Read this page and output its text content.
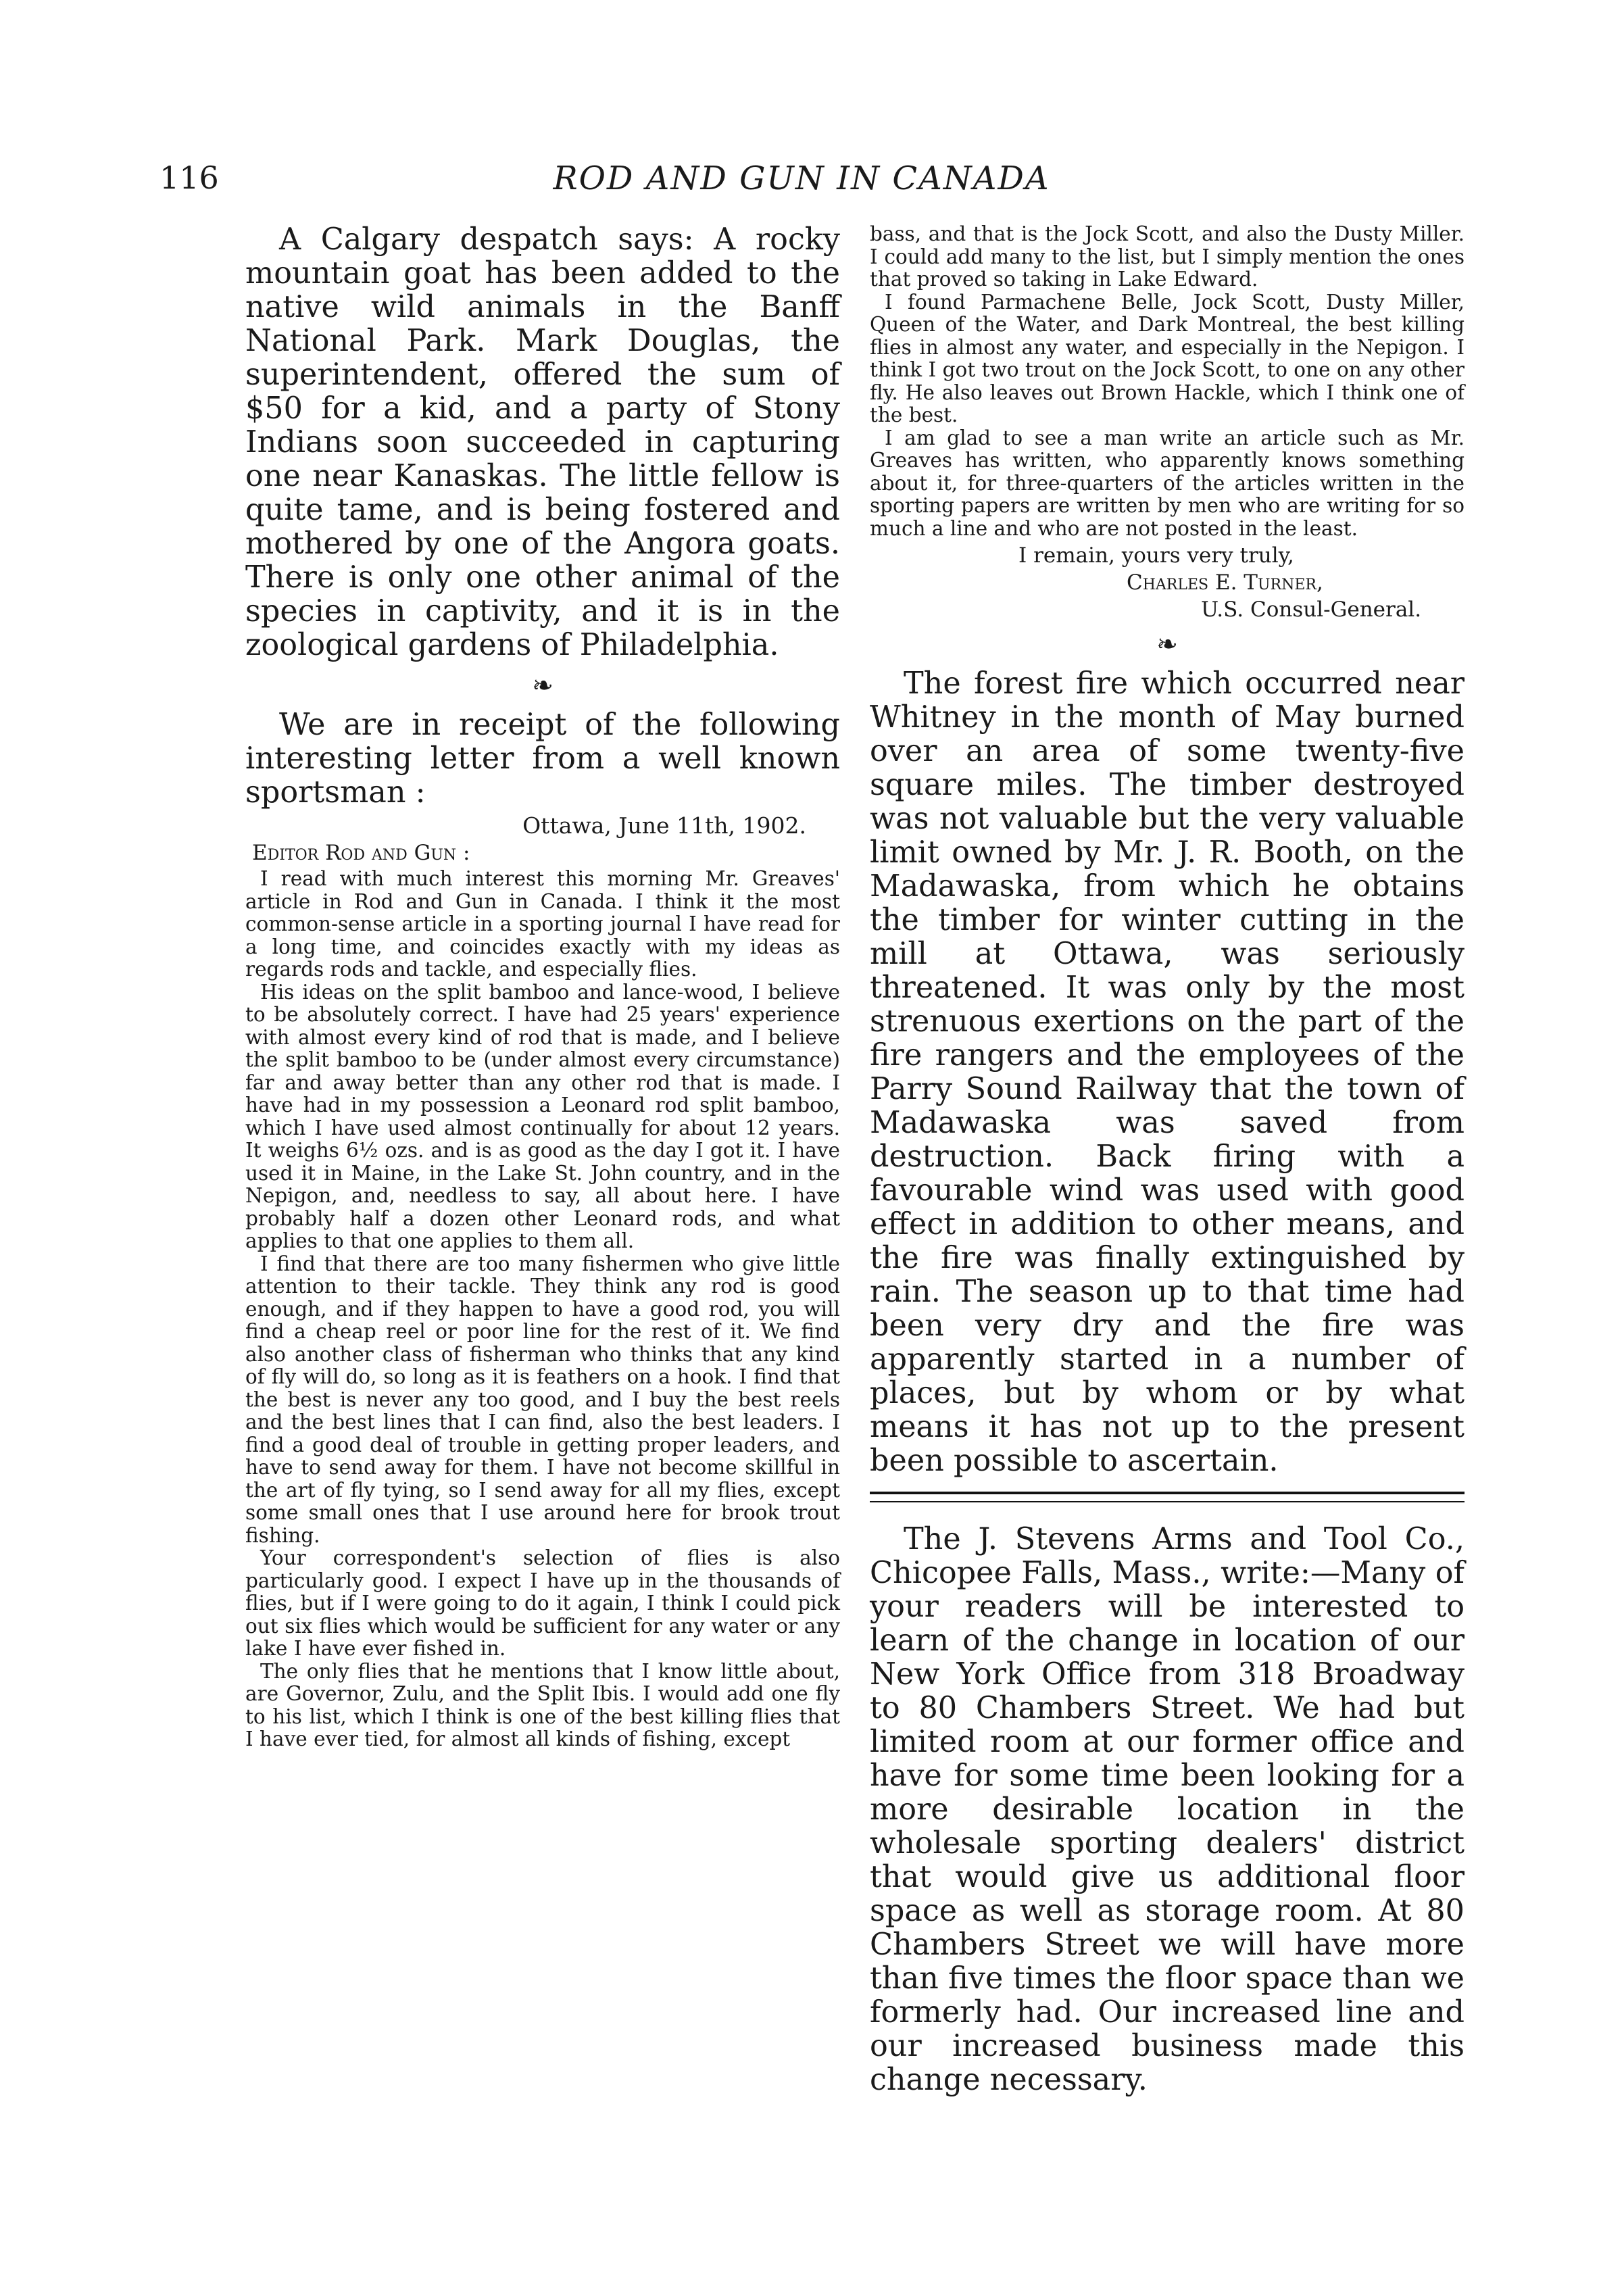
116	ROD AND GUN IN CANADA

A Calgary despatch says: A rocky mountain goat has been added to the native wild animals in the Banff National Park. Mark Douglas, the superintendent, offered the sum of $50 for a kid, and a party of Stony Indians soon succeeded in capturing one near Kanaskas. The little fellow is quite tame, and is being fostered and mothered by one of the Angora goats. There is only one other animal of the species in captivity, and it is in the zoological gardens of Philadelphia.

❧

We are in receipt of the following interesting letter from a well known sportsman :

Ottawa, June 11th, 1902.
Editor Rod and Gun :

I read with much interest this morning Mr. Greaves' article in Rod and Gun in Canada. I think it the most common-sense article in a sporting journal I have read for a long time, and coincides exactly with my ideas as regards rods and tackle, and especially flies.

His ideas on the split bamboo and lance-wood, I believe to be absolutely correct. I have had 25 years' experience with almost every kind of rod that is made, and I believe the split bamboo to be (under almost every circumstance) far and away better than any other rod that is made. I have had in my possession a Leonard rod split bamboo, which I have used almost continually for about 12 years. It weighs 6½ ozs. and is as good as the day I got it. I have used it in Maine, in the Lake St. John country, and in the Nepigon, and, needless to say, all about here. I have probably half a dozen other Leonard rods, and what applies to that one applies to them all.

I find that there are too many fishermen who give little attention to their tackle. They think any rod is good enough, and if they happen to have a good rod, you will find a cheap reel or poor line for the rest of it. We find also another class of fisherman who thinks that any kind of fly will do, so long as it is feathers on a hook. I find that the best is never any too good, and I buy the best reels and the best lines that I can find, also the best leaders. I find a good deal of trouble in getting proper leaders, and have to send away for them. I have not become skillful in the art of fly tying, so I send away for all my flies, except some small ones that I use around here for brook trout fishing.

Your correspondent's selection of flies is also particularly good. I expect I have up in the thousands of flies, but if I were going to do it again, I think I could pick out six flies which would be sufficient for any water or any lake I have ever fished in.

The only flies that he mentions that I know little about, are Governor, Zulu, and the Split Ibis. I would add one fly to his list, which I think is one of the best killing flies that I have ever tied, for almost all kinds of fishing, except

bass, and that is the Jock Scott, and also the Dusty Miller. I could add many to the list, but I simply mention the ones that proved so taking in Lake Edward.

I found Parmachene Belle, Jock Scott, Dusty Miller, Queen of the Water, and Dark Montreal, the best killing flies in almost any water, and especially in the Nepigon. I think I got two trout on the Jock Scott, to one on any other fly. He also leaves out Brown Hackle, which I think one of the best.

I am glad to see a man write an article such as Mr. Greaves has written, who apparently knows something about it, for three-quarters of the articles written in the sporting papers are written by men who are writing for so much a line and who are not posted in the least.

I remain, yours very truly,
Charles E. Turner,
U.S. Consul-General.
❧

The forest fire which occurred near Whitney in the month of May burned over an area of some twenty-five square miles. The timber destroyed was not valuable but the very valuable limit owned by Mr. J. R. Booth, on the Madawaska, from which he obtains the timber for winter cutting in the mill at Ottawa, was seriously threatened. It was only by the most strenuous exertions on the part of the fire rangers and the employees of the Parry Sound Railway that the town of Madawaska was saved from destruction. Back firing with a favourable wind was used with good effect in addition to other means, and the fire was finally extinguished by rain. The season up to that time had been very dry and the fire was apparently started in a number of places, but by whom or by what means it has not up to the present been possible to ascertain.

The J. Stevens Arms and Tool Co., Chicopee Falls, Mass., write:—Many of your readers will be interested to learn of the change in location of our New York Office from 318 Broadway to 80 Chambers Street. We had but limited room at our former office and have for some time been looking for a more desirable location in the wholesale sporting dealers' district that would give us additional floor space as well as storage room. At 80 Chambers Street we will have more than five times the floor space than we formerly had. Our increased line and our increased business made this change necessary.
